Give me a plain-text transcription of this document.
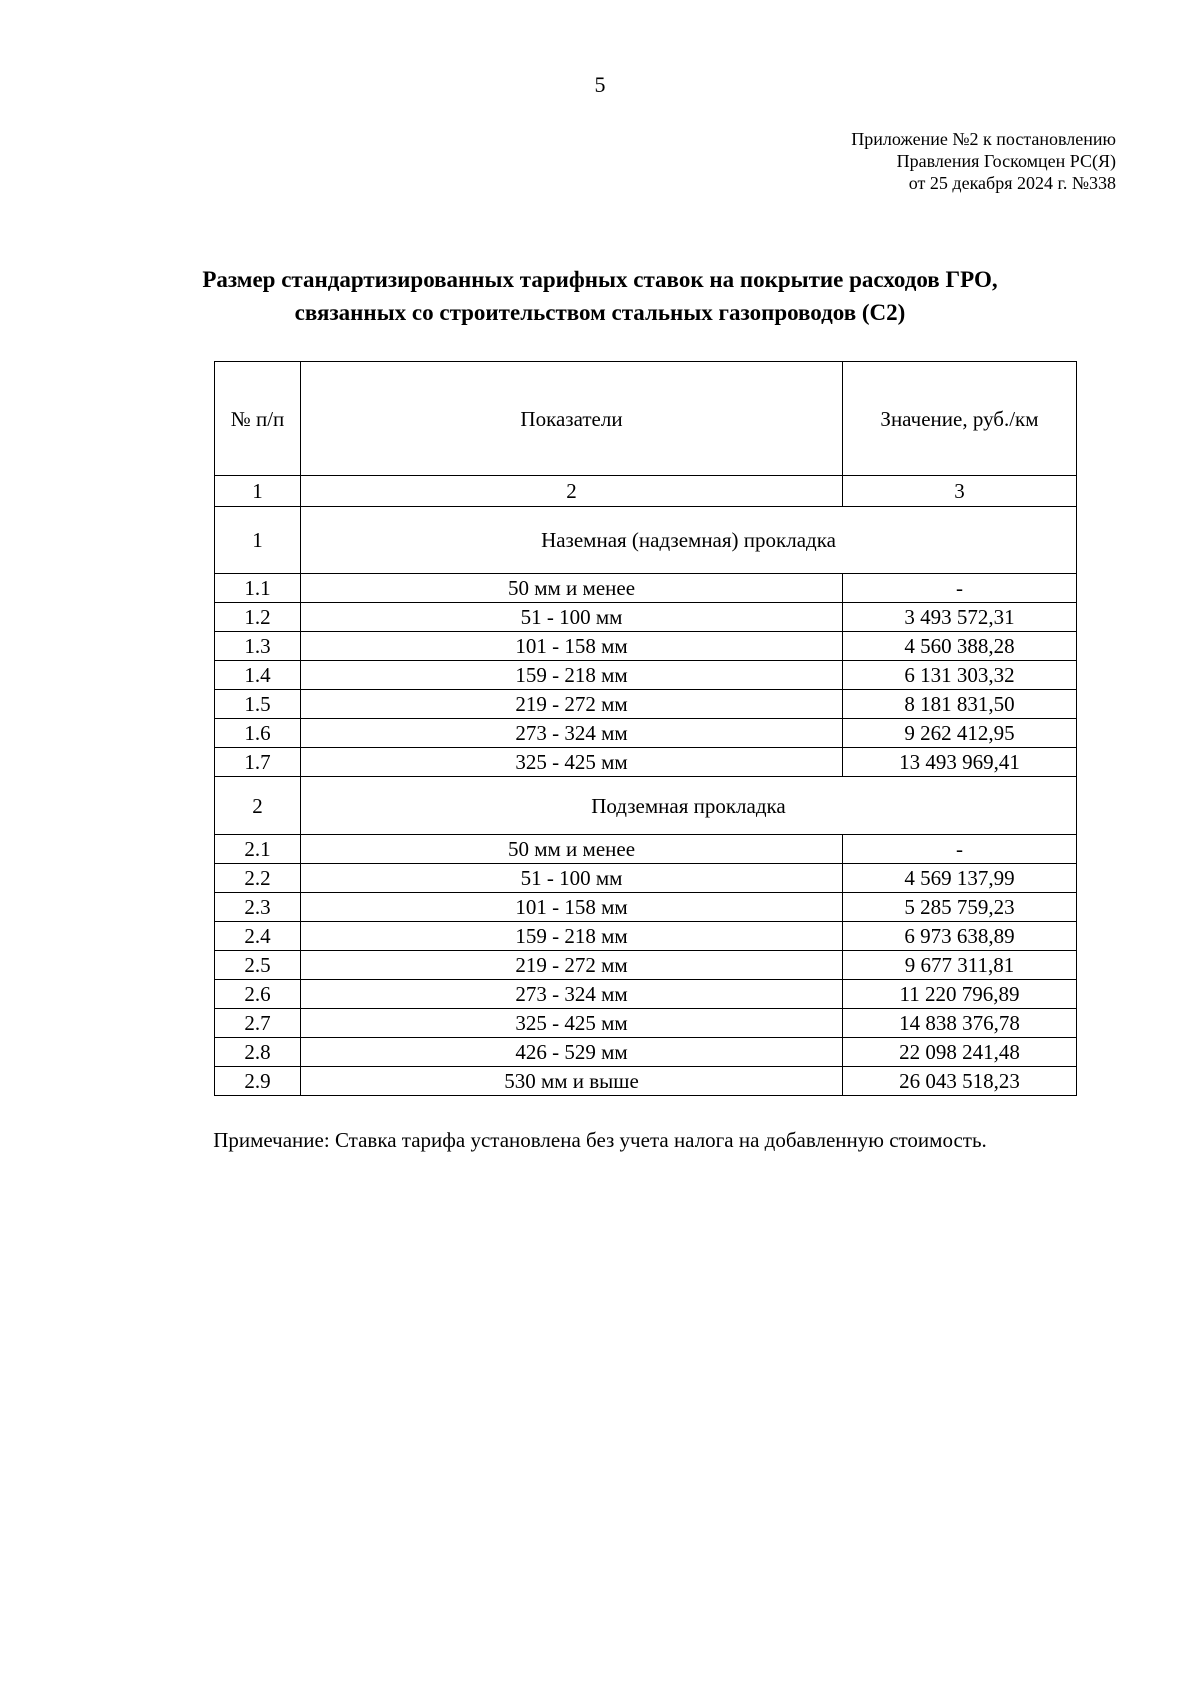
5
Приложение №2 к постановлению
Правления Госкомцен РС(Я)
от 25 декабря 2024 г. №338
Размер стандартизированных тарифных ставок на покрытие расходов ГРО,
связанных со строительством стальных газопроводов (С2)
№ п/п	Показатели	Значение, руб./км
1	2	3
1	Наземная (надземная) прокладка	
1.1	50 мм и менее	-
1.2	51 - 100 мм	3 493 572,31
1.3	101 - 158 мм	4 560 388,28
1.4	159 - 218 мм	6 131 303,32
1.5	219 - 272 мм	8 181 831,50
1.6	273 - 324 мм	9 262 412,95
1.7	325 - 425 мм	13 493 969,41
2	Подземная прокладка	
2.1	50 мм и менее	-
2.2	51 - 100 мм	4 569 137,99
2.3	101 - 158 мм	5 285 759,23
2.4	159 - 218 мм	6 973 638,89
2.5	219 - 272 мм	9 677 311,81
2.6	273 - 324 мм	11 220 796,89
2.7	325 - 425 мм	14 838 376,78
2.8	426 - 529 мм	22 098 241,48
2.9	530 мм и выше	26 043 518,23
Примечание: Ставка тарифа установлена без учета налога на добавленную стоимость.
